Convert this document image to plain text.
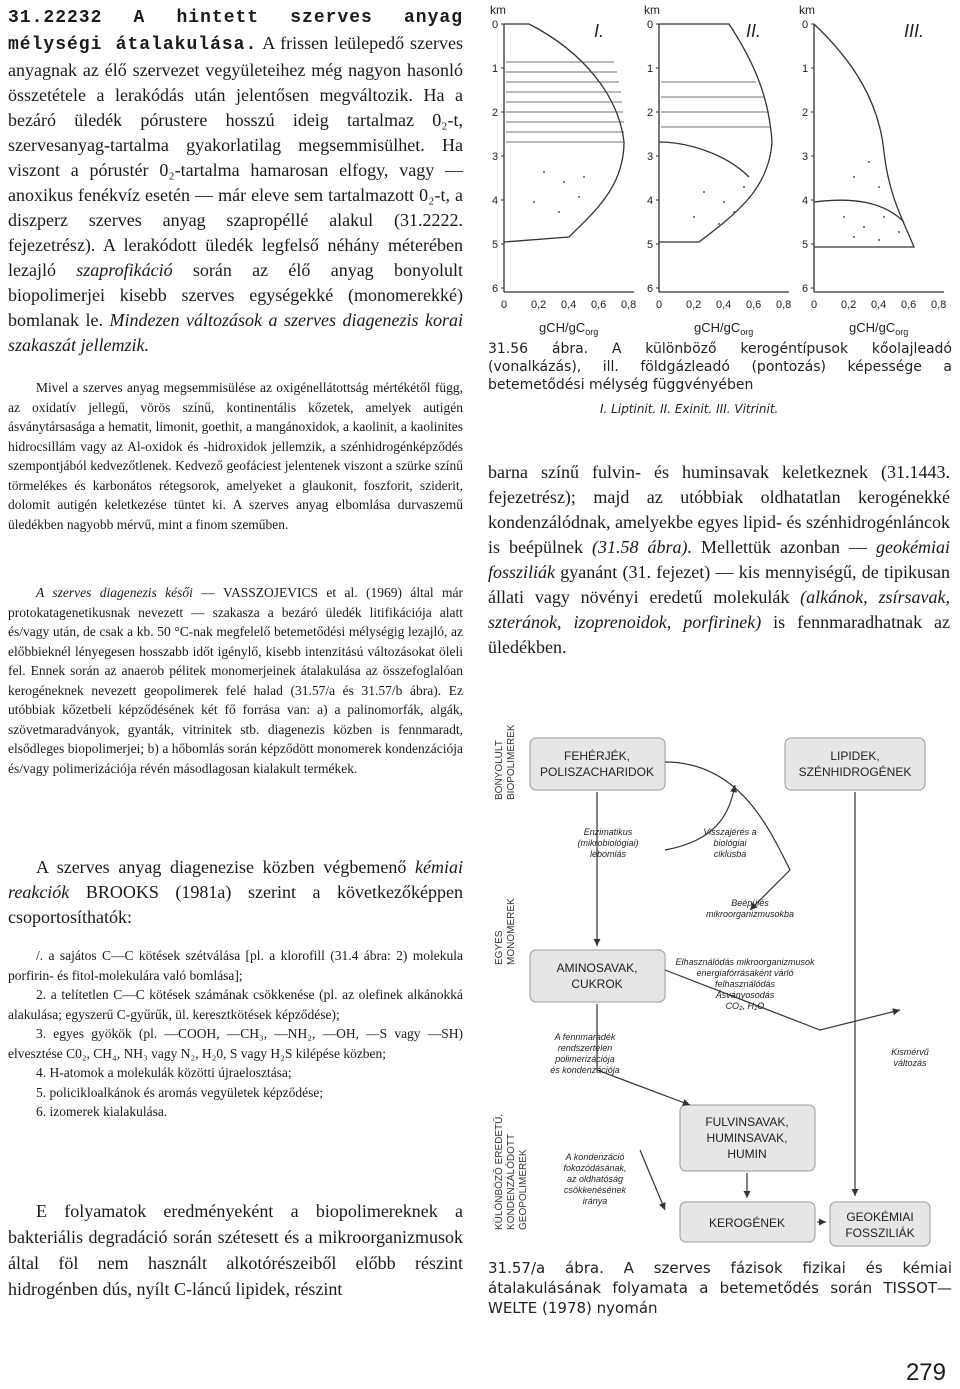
31.22232 A hintett szerves anyag mélységi átalakulása. A frissen leülepedő szerves anyagnak az élő szervezet vegyületeihez még nagyon hasonló összetétele a lerakódás után jelentősen megváltozik. Ha a bezáró üledék pórustere hosszú ideig tartalmaz 0₂-t, szervesanyag-tartalma gyakorlatilag megsemmisülhet. Ha viszont a pórustér 0₂-tartalma hamarosan elfogy, vagy — anoxikus fenékvíz esetén — már eleve sem tartalmazott 0₂-t, a diszperz szerves anyag szapropéllé alakul (31.2222. fejezetrész). A lerakódott üledék legfelső néhány méterében lezajló szaprofikáció során az élő anyag bonyolult biopolimerjei kisebb szerves egységekké (monomerekké) bomlanak le. Mindezen változások a szerves diagenezis korai szakaszát jellemzik.

Mivel a szerves anyag megsemmisülése az oxigénellátottság mértékétől függ, az oxidatív jellegű, vörös színű, kontinentális kőzetek, amelyek autigén ásványtársasága a hematit, limonit, goethit, a mangánoxidok, a kaolinit, a kaolinites hidrocsillám vagy az Al-oxidok és -hidroxidok jellemzik, a szénhidrogénképződés szempontjából kedvezőtlenek. Kedvező geofáciest jelentenek viszont a szürke színű törmelékes és karbonátos rétegsorok, amelyeket a glaukonit, foszforit, sziderit, dolomit autigén keletkezése tüntet ki. A szerves anyag elbomlása durvaszemű üledékben nagyobb mérvű, mint a finom szeműben.

A szerves diagenezis késői — VASSZOJEVICS et al. (1969) által már protokatagenetikusnak nevezett — szakasza a bezáró üledék litifikációja alatt és/vagy után, de csak a kb. 50 °C-nak megfelelő betemetődési mélységig lezajló, az előbbieknél lényegesen hosszabb időt igénylő, kisebb intenzitású változásokat öleli fel. Ennek során az anaerob pélitek monomerjeinek átalakulása az összefoglalóan kerogéneknek nevezett geopolimerek felé halad (31.57/a és 31.57/b ábra). Ez utóbbiak kőzetbeli képződésének két fő forrása van: a) a palinomorfák, algák, szövetmaradványok, gyanták, vitrinitek stb. diagenezis közben is fennmaradt, elsődleges biopolimerjei; b) a hőbomlás során képződött monomerek kondenzációja és/vagy polimerizációja révén másodlagosan kialakult termékek.

A szerves anyag diagenezise közben végbemenő kémiai reakciók BROOKS (1981a) szerint a következőképpen csoportosíthatók:

/. a sajátos C—C kötések szétválása [pl. a klorofill (31.4 ábra: 2) molekula porfirin- és fitol-molekulára való bomlása];

2. a telítetlen C—C kötések számának csökkenése (pl. az olefinek alkánokká alakulása; egyszerű C-gyűrűk, ül. keresztkötések képződése);

3. egyes gyökök (pl. —COOH, —CH₃, —NH₂, —OH, —S vagy —SH) elvesztése C0₂, CH₄, NH₃ vagy N₂, H₂0, S vagy H₂S kilépése közben;

4. H-atomok a molekulák közötti újraelosztása;

5. policikloalkánok és aromás vegyületek képződése;

6. izomerek kialakulása.

E folyamatok eredményeként a biopolimereknek a bakteriális degradáció során szétesett és a mikroorganizmusok által föl nem használt alkotórészeiből előbb részint hidrogénben dús, nyílt C-láncú lipidek, részint

km	km	km
I.	II.	III.
0
1
2
3
4
5
6
0
1
2
3
4
5
6
0
1
2
3
4
5
6
0 0,2 0,4 0,6 0,8 0 0,2 0,4 0,6 0,8 0 0,2 0,4 0,6 0,8
gCH/$gC_{org}$	gCH/$gC_{org}$	gCH/$gC_{org}$
31.56 ábra. A különböző kerogéntípusok kőolajleadó (vonalkázás), ill. földgázleadó (pontozás) képessége a betemetődési mélység függvényében
I. Liptinit. II. Exinit. III. Vitrinit.

barna színű fulvin- és huminsavak keletkeznek (31.1443. fejezetrész); majd az utóbbiak oldhatatlan kerogénekké kondenzálódnak, amelyekbe egyes lipid- és szénhidrogénláncok is beépülnek (31.58 ábra). Mellettük azonban — geokémiai fossziliák gyanánt (31. fejezet) — kis mennyiségű, de tipikusan állati vagy növényi eredetű molekulák (alkánok, zsírsavak, szteránok, izoprenoidok, porfirinek) is fennmaradhatnak az üledékben.

BONYOLULT BIOPOLIMEREK
EGYES MONOMEREK
KÜLÖNBÖZŐ EREDETŰ, KONDENZÁLÓDOTT GEOPOLIMEREK
FEHÉRJÉK,
POLISZACHARIDOK
LIPIDEK,
SZÉNHIDROGÉNEK
AMINOSAVAK,
CUKROK
FULVINSAVAK,
HUMINSAVAK,
HUMIN
KEROGÉNEK	GEOKÉMIAI
FOSSZILIÁK
Enzimatikus
(mikrobiológiai)
lebomlás
Visszajérés a
biológiai
ciklusba
Beépülés
mikroorganizmusokba
Elhasználódás mikroorganizmusok
energiafórrásaként várló
felhasználódás
Ásványosodás
CO₂, H₂O
A fennmaradék
rendszertelen
polimerizációja
és kondenzációja
Kismérvű
változás
A kondenzáció
fokozódásának,
az oldhatóság
csökkenésének
iránya
31.57/a ábra. A szerves fázisok fizikai és kémiai átalakulásának folyamata a betemetődés során TISSOT—WELTE (1978) nyomán
279
